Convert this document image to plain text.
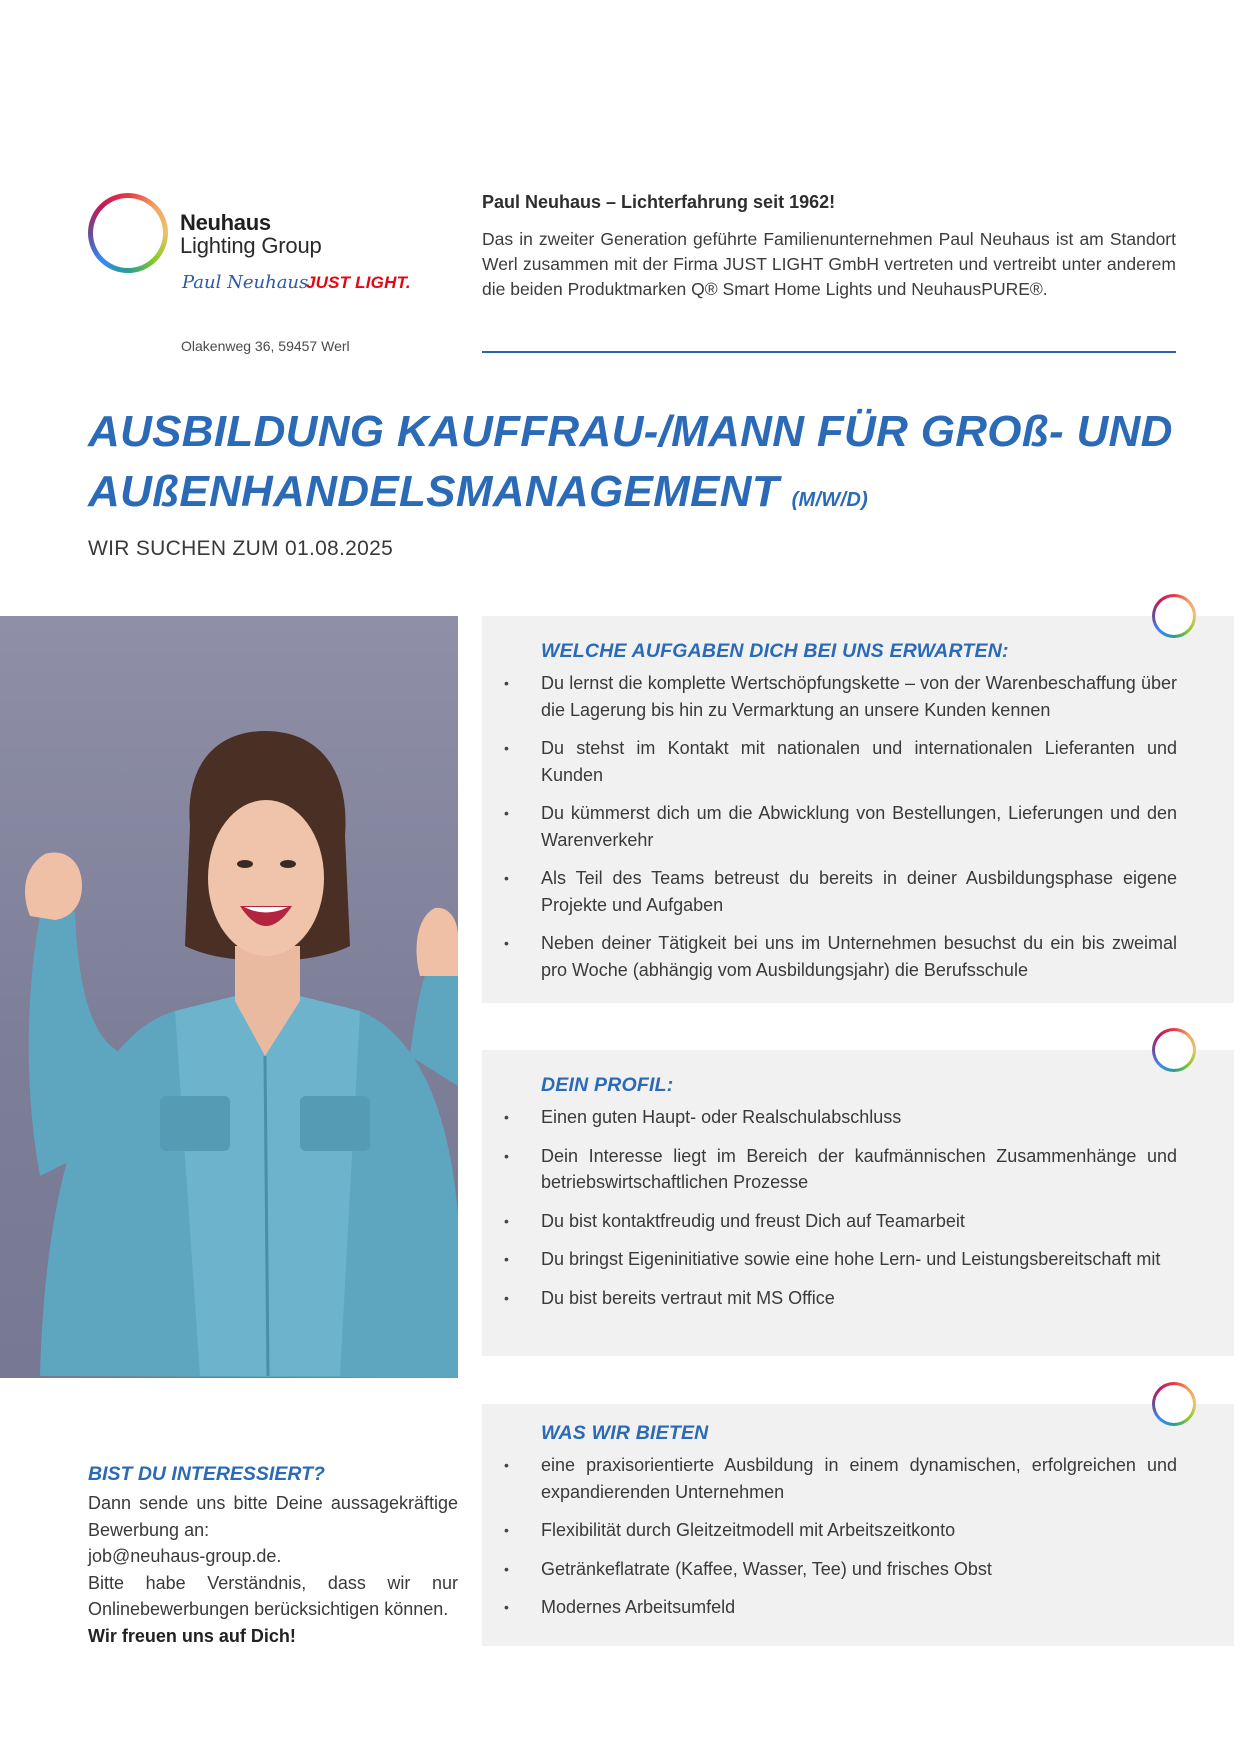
Neuhaus
Lighting Group
Paul Neuhaus
JUST LIGHT.
Olakenweg 36, 59457 Werl
Paul Neuhaus – Lichterfahrung seit 1962!
Das in zweiter Generation geführte Familienunternehmen Paul Neuhaus ist am Standort Werl zusammen mit der Firma JUST LIGHT GmbH vertreten und vertreibt unter anderem die beiden Produktmarken Q® Smart Home Lights und NeuhausPURE®.
AUSBILDUNG KAUFFRAU-/MANN FÜR GROß- UND
AUßENHANDELSMANAGEMENT (M/W/D)
WIR SUCHEN ZUM 01.08.2025
WELCHE AUFGABEN DICH BEI UNS ERWARTEN:
• Du lernst die komplette Wertschöpfungskette – von der Warenbeschaffung über die Lagerung bis hin zu Vermarktung an unsere Kunden kennen
• Du stehst im Kontakt mit nationalen und internationalen Lieferanten und Kunden
• Du kümmerst dich um die Abwicklung von Bestellungen, Lieferungen und den Warenverkehr
• Als Teil des Teams betreust du bereits in deiner Ausbildungsphase eigene Projekte und Aufgaben
• Neben deiner Tätigkeit bei uns im Unternehmen besuchst du ein bis zweimal pro Woche (abhängig vom Ausbildungsjahr) die Berufsschule
DEIN PROFIL:
• Einen guten Haupt- oder Realschulabschluss
• Dein Interesse liegt im Bereich der kaufmännischen Zusammenhänge und betriebswirtschaftlichen Prozesse
• Du bist kontaktfreudig und freust Dich auf Teamarbeit
• Du bringst Eigeninitiative sowie eine hohe Lern- und Leistungsbereitschaft mit
• Du bist bereits vertraut mit MS Office
WAS WIR BIETEN
• eine praxisorientierte Ausbildung in einem dynamischen, erfolgreichen und expandierenden Unternehmen
• Flexibilität durch Gleitzeitmodell mit Arbeitszeitkonto
• Getränkeflatrate (Kaffee, Wasser, Tee) und frisches Obst
• Modernes Arbeitsumfeld
BIST DU INTERESSIERT?
Dann sende uns bitte Deine aussagekräftige Bewerbung an:
job@neuhaus-group.de.
Bitte habe Verständnis, dass wir nur Onlinebewerbungen berücksichtigen können.
Wir freuen uns auf Dich!
